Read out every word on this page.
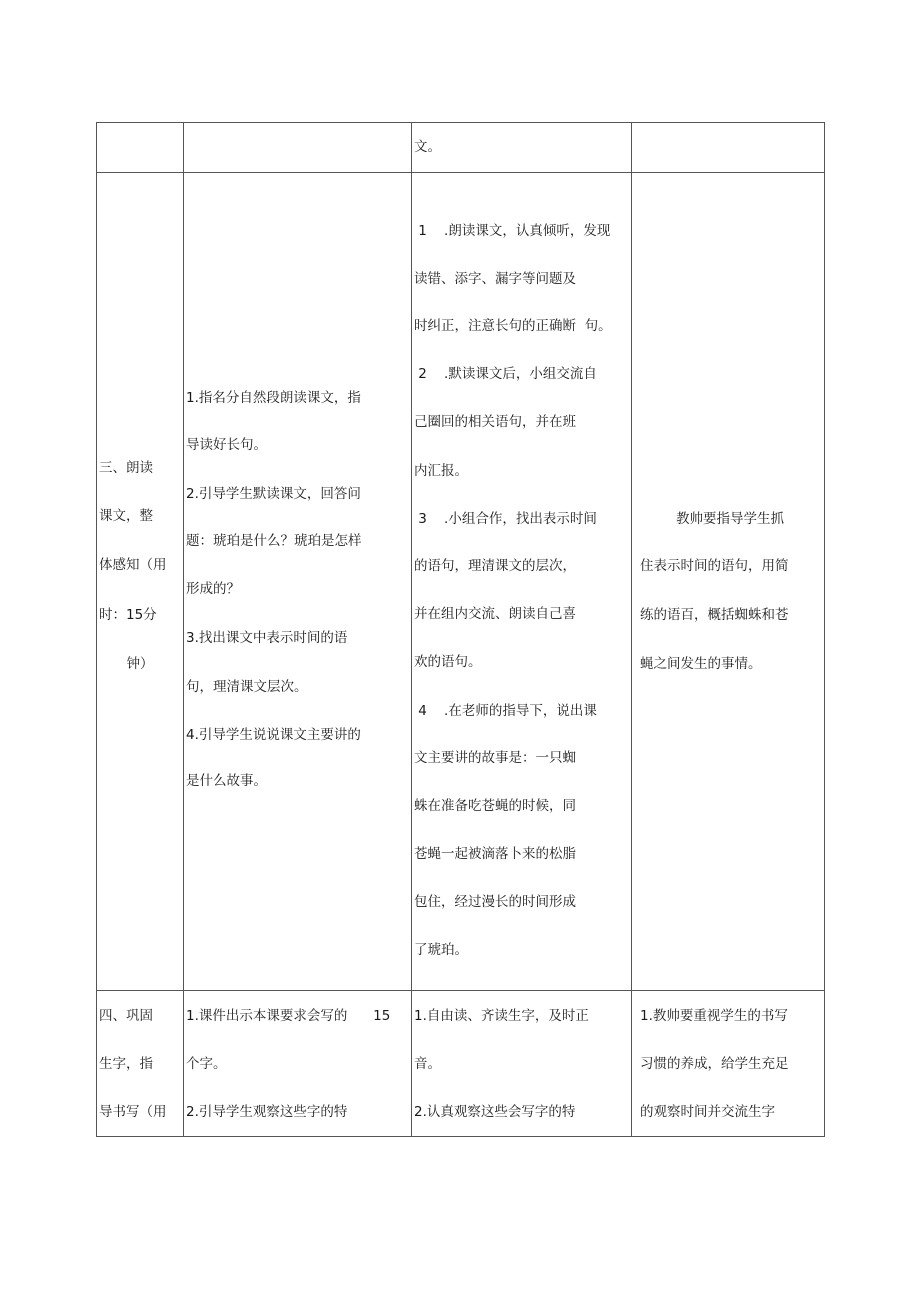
文。
三、朗读
课文，整
体感知（用
时：15分
钟）
1.指名分自然段朗读课文，指
导读好长句。
2.引导学生默读课文，回答问
题：琥珀是什么？琥珀是怎样
形成的？
3.找出课文中表示时间的语
句，理清课文层次。
4.引导学生说说课文主要讲的
是什么故事。
1    .朗读课文，认真倾听，发现
读错、添字、漏字等问题及
时纠正，注意长句的正确断  句。
2    .默读课文后，小组交流自
己圈回的相关语句，并在班
内汇报。
3    .小组合作，找出表示时间
的语句，理清课文的层次，
并在组内交流、朗读自己喜
欢的语句。
4    .在老师的指导下，说出课
文主要讲的故事是：一只蜘
蛛在准备吃苍蝇的时候，同
苍蝇一起被滴落卜来的松脂
包住，经过漫长的时间形成
了琥珀。
教帅要指导学生抓
住表示时间的语句，用简
练的语百，概括蜘蛛和苍
蝇之间发生的事情。
四、巩固
生字，指
导书写（用
1.课件出示本课要求会写的      15
个字。
2.引导学生观察这些字的特
1.自由读、齐读生字，及时正
音。
2.认真观察这些会写字的特
1.教帅要重视学生的书写
习惯的养成，给学生充足
的观察时间并交流生字
